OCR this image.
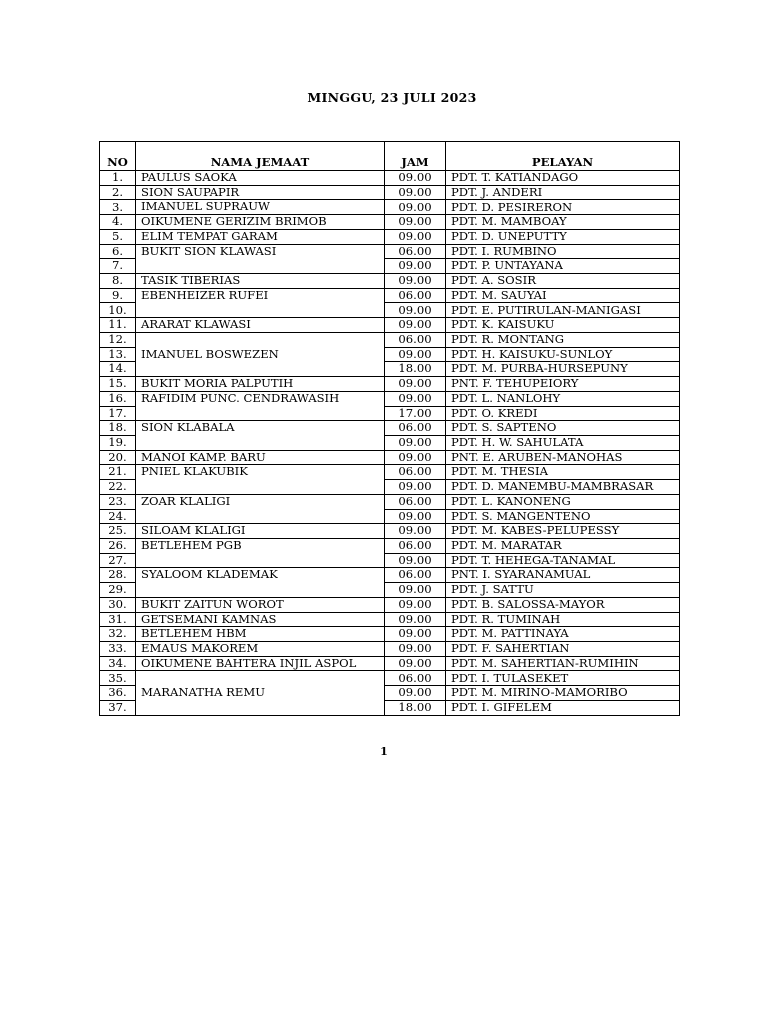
MINGGU, 23 JULI 2023
NO	NAMA JEMAAT	JAM	PELAYAN
1.	PAULUS SAOKA	09.00	PDT. T. KATIANDAGO
2.	SION SAUPAPIR	09.00	PDT. J. ANDERI
3.	IMANUEL SUPRAUW	09.00	PDT. D. PESIRERON
4.	OIKUMENE GERIZIM BRIMOB	09.00	PDT. M. MAMBOAY
5.	ELIM TEMPAT GARAM	09.00	PDT. D. UNEPUTTY
6.	BUKIT SION KLAWASI	06.00	PDT. I. RUMBINO
7.		09.00	PDT. P. UNTAYANA
8.	TASIK TIBERIAS	09.00	PDT. A. SOSIR
9.	EBENHEIZER RUFEI	06.00	PDT. M. SAUYAI
10.		09.00	PDT. E. PUTIRULAN-MANIGASI
11.	ARARAT KLAWASI	09.00	PDT. K. KAISUKU
12.	IMANUEL BOSWEZEN	06.00	PDT. R. MONTANG
13.		09.00	PDT. H. KAISUKU-SUNLOY
14.		18.00	PDT. M. PURBA-HURSEPUNY
15.	BUKIT MORIA PALPUTIH	09.00	PNT. F. TEHUPEIORY
16.	RAFIDIM PUNC. CENDRAWASIH	09.00	PDT. L. NANLOHY
17.		17.00	PDT. O. KREDI
18.	SION KLABALA	06.00	PDT. S. SAPTENO
19.		09.00	PDT. H. W. SAHULATA
20.	MANOI KAMP. BARU	09.00	PNT. E. ARUBEN-MANOHAS
21.	PNIEL KLAKUBIK	06.00	PDT. M. THESIA
22.		09.00	PDT. D. MANEMBU-MAMBRASAR
23.	ZOAR KLALIGI	06.00	PDT. L. KANONENG
24.		09.00	PDT. S. MANGENTENO
25.	SILOAM KLALIGI	09.00	PDT. M. KABES-PELUPESSY
26.	BETLEHEM PGB	06.00	PDT. M. MARATAR
27.		09.00	PDT. T. HEHEGA-TANAMAL
28.	SYALOOM KLADEMAK	06.00	PNT. I. SYARANAMUAL
29.		09.00	PDT. J. SATTU
30.	BUKIT ZAITUN WOROT	09.00	PDT. B. SALOSSA-MAYOR
31.	GETSEMANI KAMNAS	09.00	PDT. R. TUMINAH
32.	BETLEHEM HBM	09.00	PDT. M. PATTINAYA
33.	EMAUS MAKOREM	09.00	PDT. F. SAHERTIAN
34.	OIKUMENE BAHTERA INJIL ASPOL	09.00	PDT. M. SAHERTIAN-RUMIHIN
35.	MARANATHA REMU	06.00	PDT. I. TULASEKET
36.		09.00	PDT. M. MIRINO-MAMORIBO
37.		18.00	PDT. I. GIFELEM
1
